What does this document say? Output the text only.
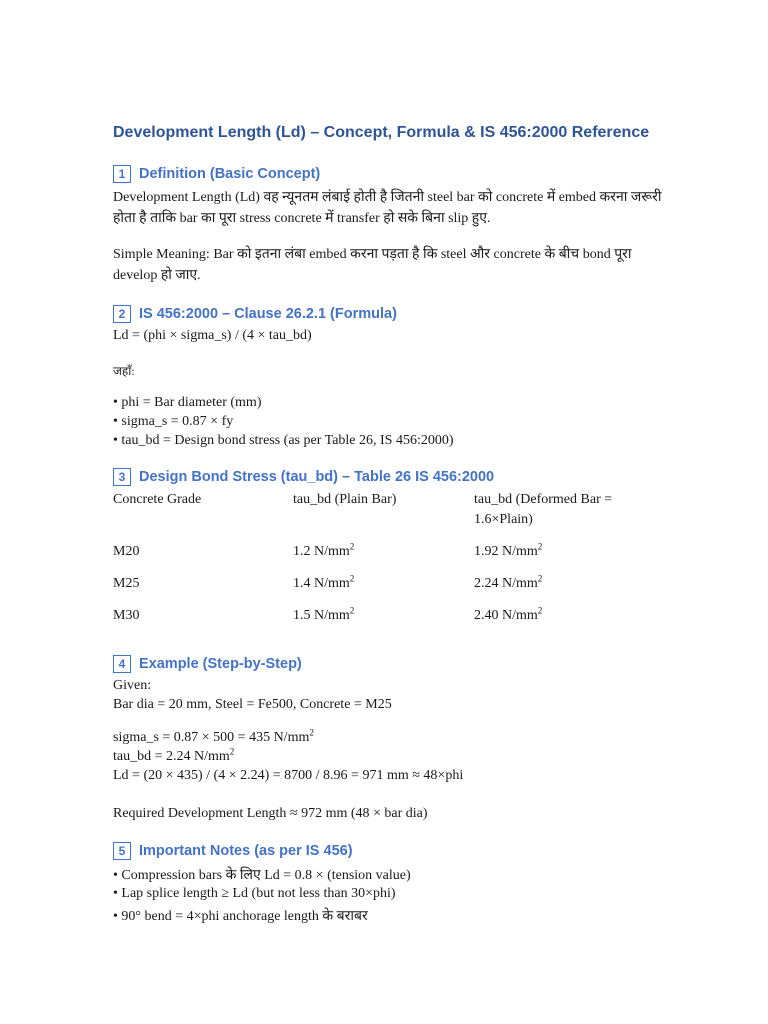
Development Length (Ld) – Concept, Formula & IS 456:2000 Reference
1 Definition (Basic Concept)
Development Length (Ld) वह न्यूनतम लंबाई होती है जितनी steel bar को concrete में embed करना जरूरी होता है ताकि bar का पूरा stress concrete में transfer हो सके बिना slip हुए.
Simple Meaning: Bar को इतना लंबा embed करना पड़ता है कि steel और concrete के बीच bond पूरा develop हो जाए.
2 IS 456:2000 – Clause 26.2.1 (Formula)
Ld = (phi × sigma_s) / (4 × tau_bd)
जहाँ:
• phi = Bar diameter (mm)
• sigma_s = 0.87 × fy
• tau_bd = Design bond stress (as per Table 26, IS 456:2000)
3 Design Bond Stress (tau_bd) – Table 26 IS 456:2000
Concrete Grade	tau_bd (Plain Bar)	tau_bd (Deformed Bar = 1.6×Plain)
M20	1.2 $N/mm^2$	1.92 $N/mm^2$
M25	1.4 $N/mm^2$	2.24 $N/mm^2$
M30	1.5 $N/mm^2$	2.40 $N/mm^2$
4 Example (Step-by-Step)
Given:
Bar dia = 20 mm, Steel = Fe500, Concrete = M25
sigma_s = 0.87 × 500 = 435 $N/mm^2$
tau_bd = 2.24 $N/mm^2$
Ld = (20 × 435) / (4 × 2.24) = 8700 / 8.96 = 971 mm ≈ 48×phi
Required Development Length ≈ 972 mm (48 × bar dia)
5 Important Notes (as per IS 456)
• Compression bars के लिए Ld = 0.8 × (tension value)
• Lap splice length ≥ Ld (but not less than 30×phi)
• 90° bend = 4×phi anchorage length के बराबर
